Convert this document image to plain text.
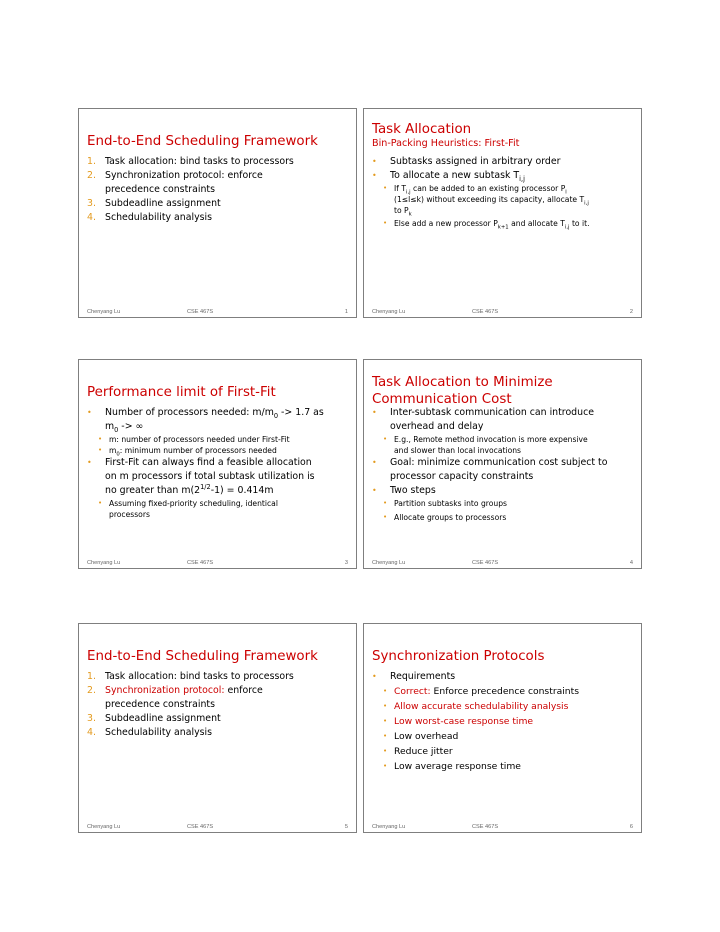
End-to-End Scheduling Framework
1. Task allocation: bind tasks to processors
2. Synchronization protocol: enforce
precedence constraints
3. Subdeadline assignment
4. Schedulability analysis
Chenyang Lu	CSE 467S	1
Task Allocation
Bin-Packing Heuristics: First-Fit
• Subtasks assigned in arbitrary order
• To allocate a new subtask $T_{i,j}$
• If $T_{i,j}$ can be added to an existing processor $P_l$
(1≤l≤k) without exceeding its capacity, allocate $T_{i,j}$
to $P_k$
• Else add a new processor $P_{k+1}$ and allocate $T_{i,j}$ to it.
Chenyang Lu	CSE 467S	2
Performance limit of First-Fit
• Number of processors needed: $m/m_0 -> 1.7$ as
$m_0$ -> ∞
• m: number of processors needed under First-Fit
• $m_0$: minimum number of processors needed
• First-Fit can always find a feasible allocation
on m processors if total subtask utilization is
no greater than $m(2^{1/2}-1) = 0.414m$
• Assuming fixed-priority scheduling, identical
processors
Chenyang Lu	CSE 467S	3
Task Allocation to Minimize
Communication Cost
• Inter-subtask communication can introduce
overhead and delay
• E.g., Remote method invocation is more expensive
and slower than local invocations
• Goal: minimize communication cost subject to
processor capacity constraints
• Two steps
• Partition subtasks into groups
• Allocate groups to processors
Chenyang Lu	CSE 467S	4
End-to-End Scheduling Framework
1. Task allocation: bind tasks to processors
2. Synchronization protocol: enforce
precedence constraints
3. Subdeadline assignment
4. Schedulability analysis
Chenyang Lu	CSE 467S	5
Synchronization Protocols
• Requirements
• Correct: Enforce precedence constraints
• Allow accurate schedulability analysis
• Low worst-case response time
• Low overhead
• Reduce jitter
• Low average response time
Chenyang Lu	CSE 467S	6
